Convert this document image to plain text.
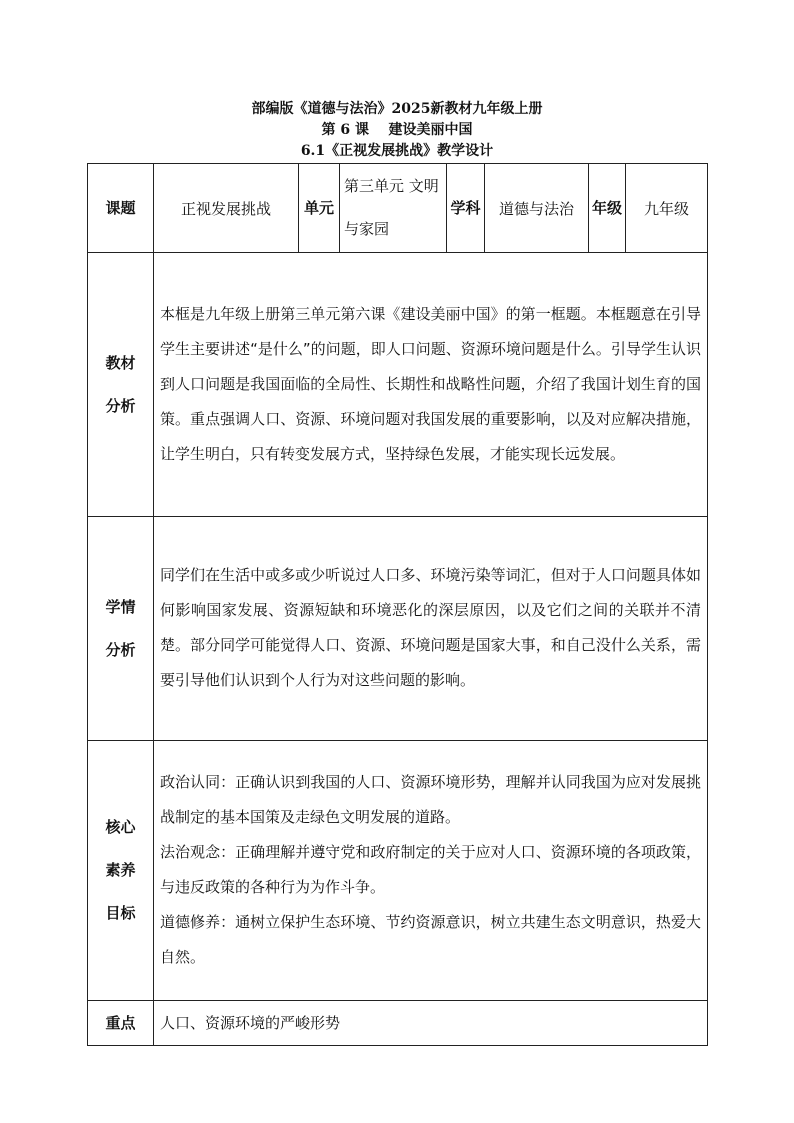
部编版《道德与法治》2025新教材九年级上册
第 6 课    建设美丽中国
6.1《正视发展挑战》教学设计
课题	正视发展挑战	单元	第三单元 文明与家园	学科	道德与法治	年级	九年级
教材分析	本框是九年级上册第三单元第六课《建设美丽中国》的第一框题。本框题意在引导学生主要讲述“是什么”的问题，即人口问题、资源环境问题是什么。引导学生认识到人口问题是我国面临的全局性、长期性和战略性问题，介绍了我国计划生育的国策。重点强调人口、资源、环境问题对我国发展的重要影响，以及对应解决措施，让学生明白，只有转变发展方式，坚持绿色发展，才能实现长远发展。						
学情分析	同学们在生活中或多或少听说过人口多、环境污染等词汇，但对于人口问题具体如何影响国家发展、资源短缺和环境恶化的深层原因，以及它们之间的关联并不清楚。部分同学可能觉得人口、资源、环境问题是国家大事，和自己没什么关系，需要引导他们认识到个人行为对这些问题的影响。						
核心素养目标	政治认同：正确认识到我国的人口、资源环境形势，理解并认同我国为应对发展挑战制定的基本国策及走绿色文明发展的道路。

法治观念：正确理解并遵守党和政府制定的关于应对人口、资源环境的各项政策，与违反政策的各种行为为作斗争。

道德修养：通树立保护生态环境、节约资源意识，树立共建生态文明意识，热爱大自然。						

重点	人口、资源环境的严峻形势						
